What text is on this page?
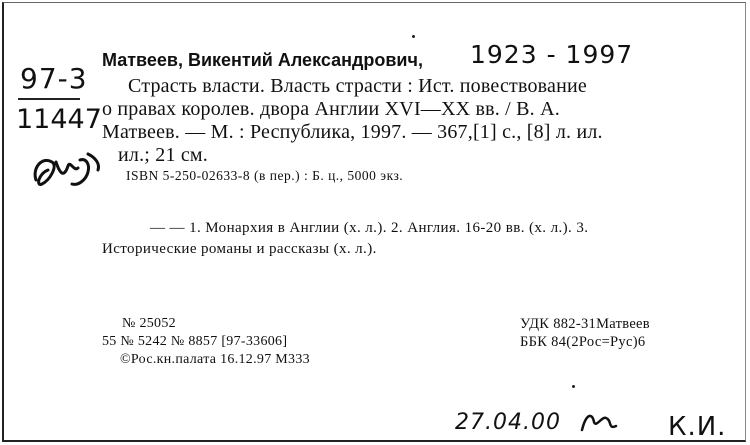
97-3
11447
Матвеев, Викентий Александрович, 1923 - 1997
Страсть власти. Власть страсти : Ист. повествование
о правах королев. двора Англии XVI—XX вв. / В. А.
Матвеев. — М. : Республика, 1997. — 367,[1] с., [8] л. ил.
ил.; 21 см.
ISBN 5-250-02633-8 (в пер.) : Б. ц., 5000 экз.
— — 1. Монархия в Англии (х. л.). 2. Англия. 16-20 вв. (х. л.). 3.
Исторические романы и рассказы (х. л.).
№ 25052
55 № 5242 № 8857 [97-33606]
©Рос.кн.палата 16.12.97 М333
УДК 882-31Матвеев
ББК 84(2Рос=Рус)6
27.04.00	К.И.
